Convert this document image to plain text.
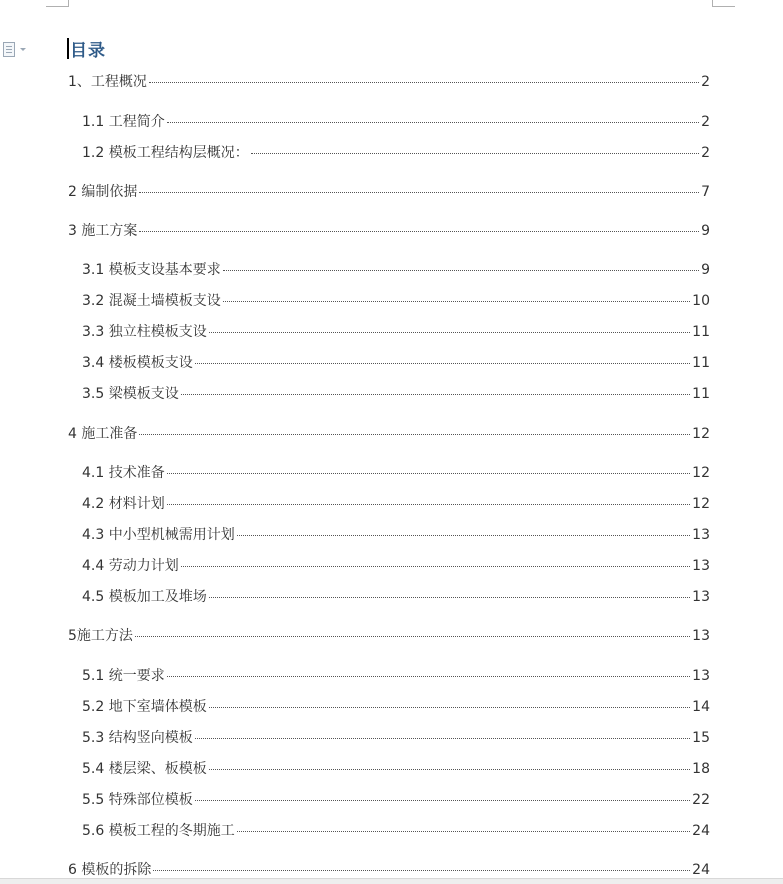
目录
1、工程概况	2
1.1 工程简介	2
1.2 模板工程结构层概况：	2
2 编制依据	7
3 施工方案	9
3.1 模板支设基本要求	9
3.2 混凝土墙模板支设	10
3.3 独立柱模板支设	11
3.4 楼板模板支设	11
3.5 梁模板支设	11
4 施工准备	12
4.1 技术准备	12
4.2 材料计划	12
4.3 中小型机械需用计划	13
4.4 劳动力计划	13
4.5 模板加工及堆场	13
5施工方法	13
5.1 统一要求	13
5.2 地下室墙体模板	14
5.3 结构竖向模板	15
5.4 楼层梁、板模板	18
5.5 特殊部位模板	22
5.6 模板工程的冬期施工	24
6 模板的拆除	24
